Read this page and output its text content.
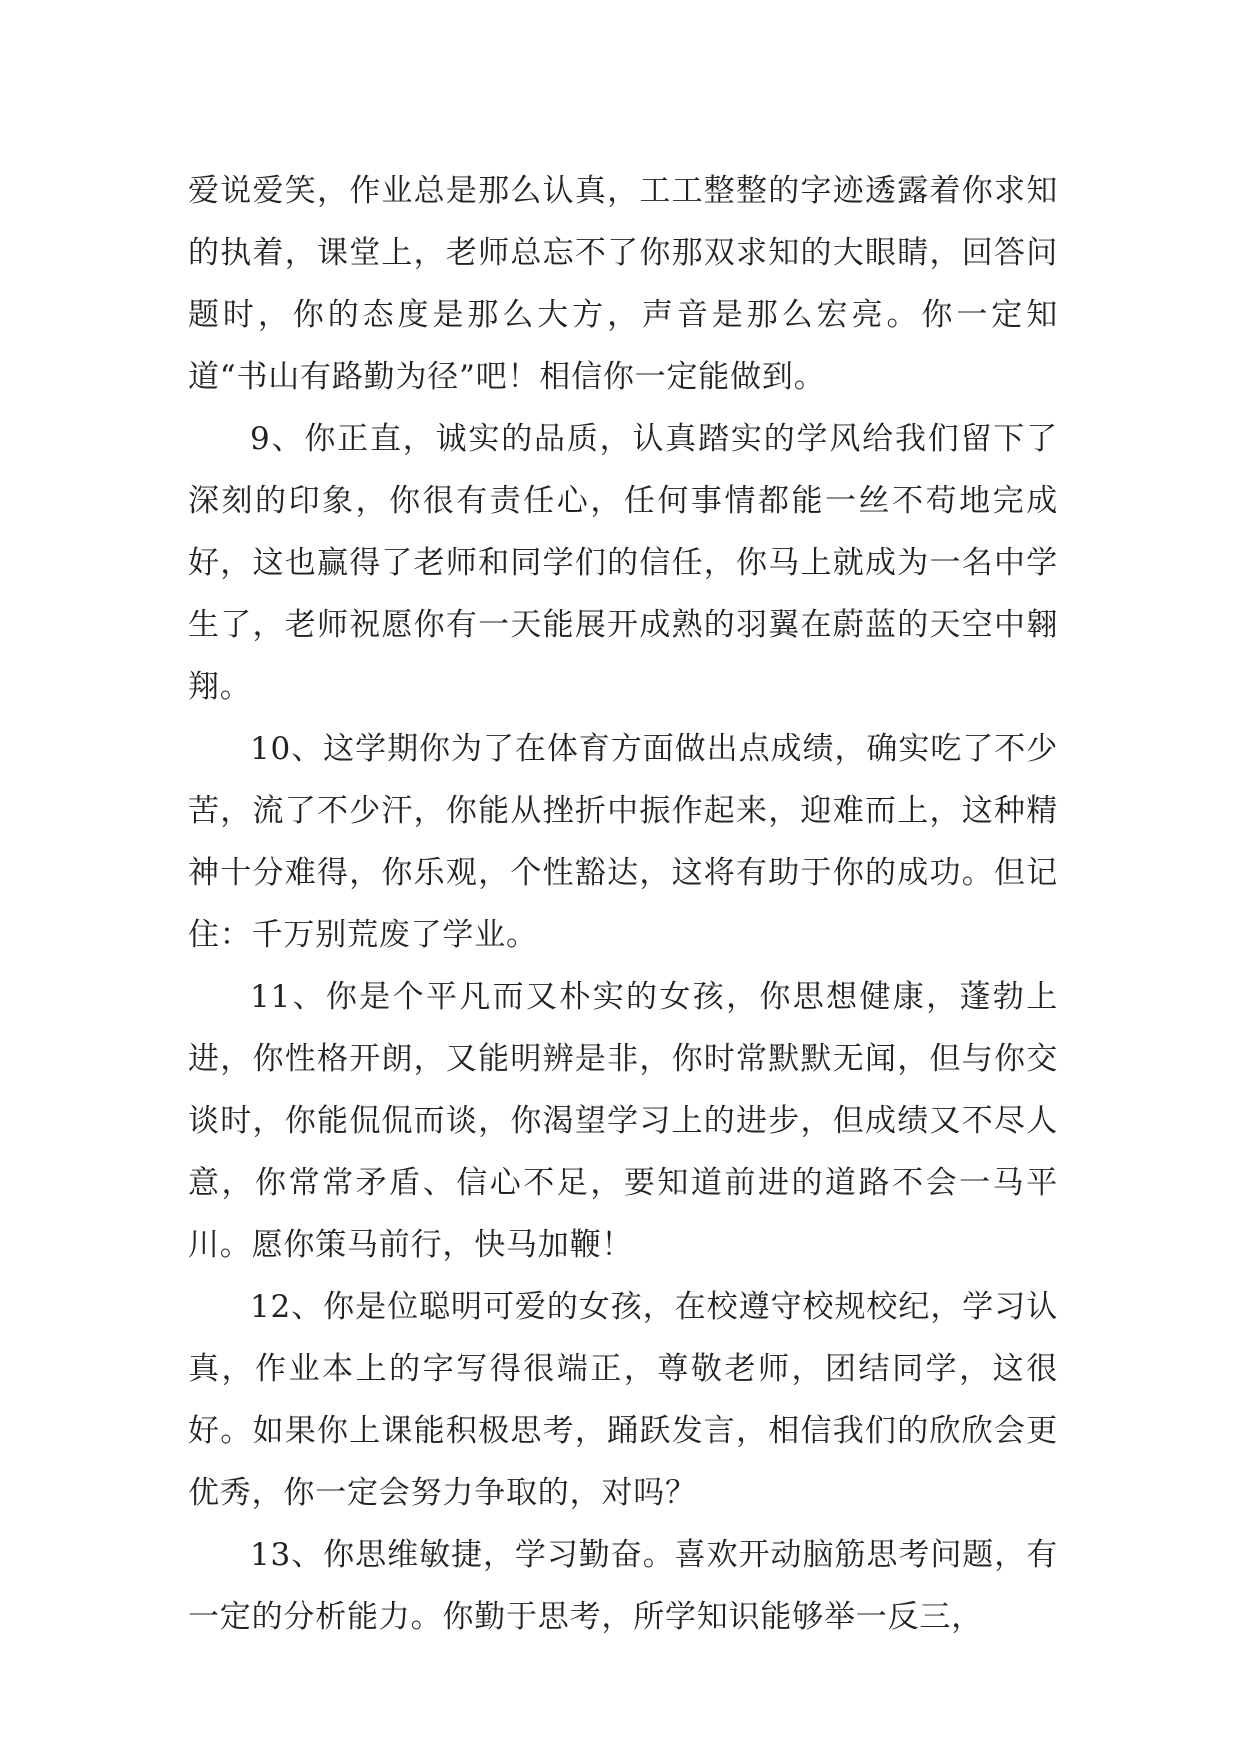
爱说爱笑，作业总是那么认真，工工整整的字迹透露着你求知的执着，课堂上，老师总忘不了你那双求知的大眼睛，回答问题时，你的态度是那么大方，声音是那么宏亮。你一定知道“书山有路勤为径”吧！相信你一定能做到。

9、你正直，诚实的品质，认真踏实的学风给我们留下了深刻的印象，你很有责任心，任何事情都能一丝不苟地完成好，这也赢得了老师和同学们的信任，你马上就成为一名中学生了，老师祝愿你有一天能展开成熟的羽翼在蔚蓝的天空中翱翔。

10、这学期你为了在体育方面做出点成绩，确实吃了不少苦，流了不少汗，你能从挫折中振作起来，迎难而上，这种精神十分难得，你乐观，个性豁达，这将有助于你的成功。但记住：千万别荒废了学业。

11、你是个平凡而又朴实的女孩，你思想健康，蓬勃上进，你性格开朗，又能明辨是非，你时常默默无闻，但与你交谈时，你能侃侃而谈，你渴望学习上的进步，但成绩又不尽人意，你常常矛盾、信心不足，要知道前进的道路不会一马平川。愿你策马前行，快马加鞭！

12、你是位聪明可爱的女孩，在校遵守校规校纪，学习认真，作业本上的字写得很端正，尊敬老师，团结同学，这很好。如果你上课能积极思考，踊跃发言，相信我们的欣欣会更优秀，你一定会努力争取的，对吗？

13、你思维敏捷，学习勤奋。喜欢开动脑筋思考问题，有一定的分析能力。你勤于思考，所学知识能够举一反三，
